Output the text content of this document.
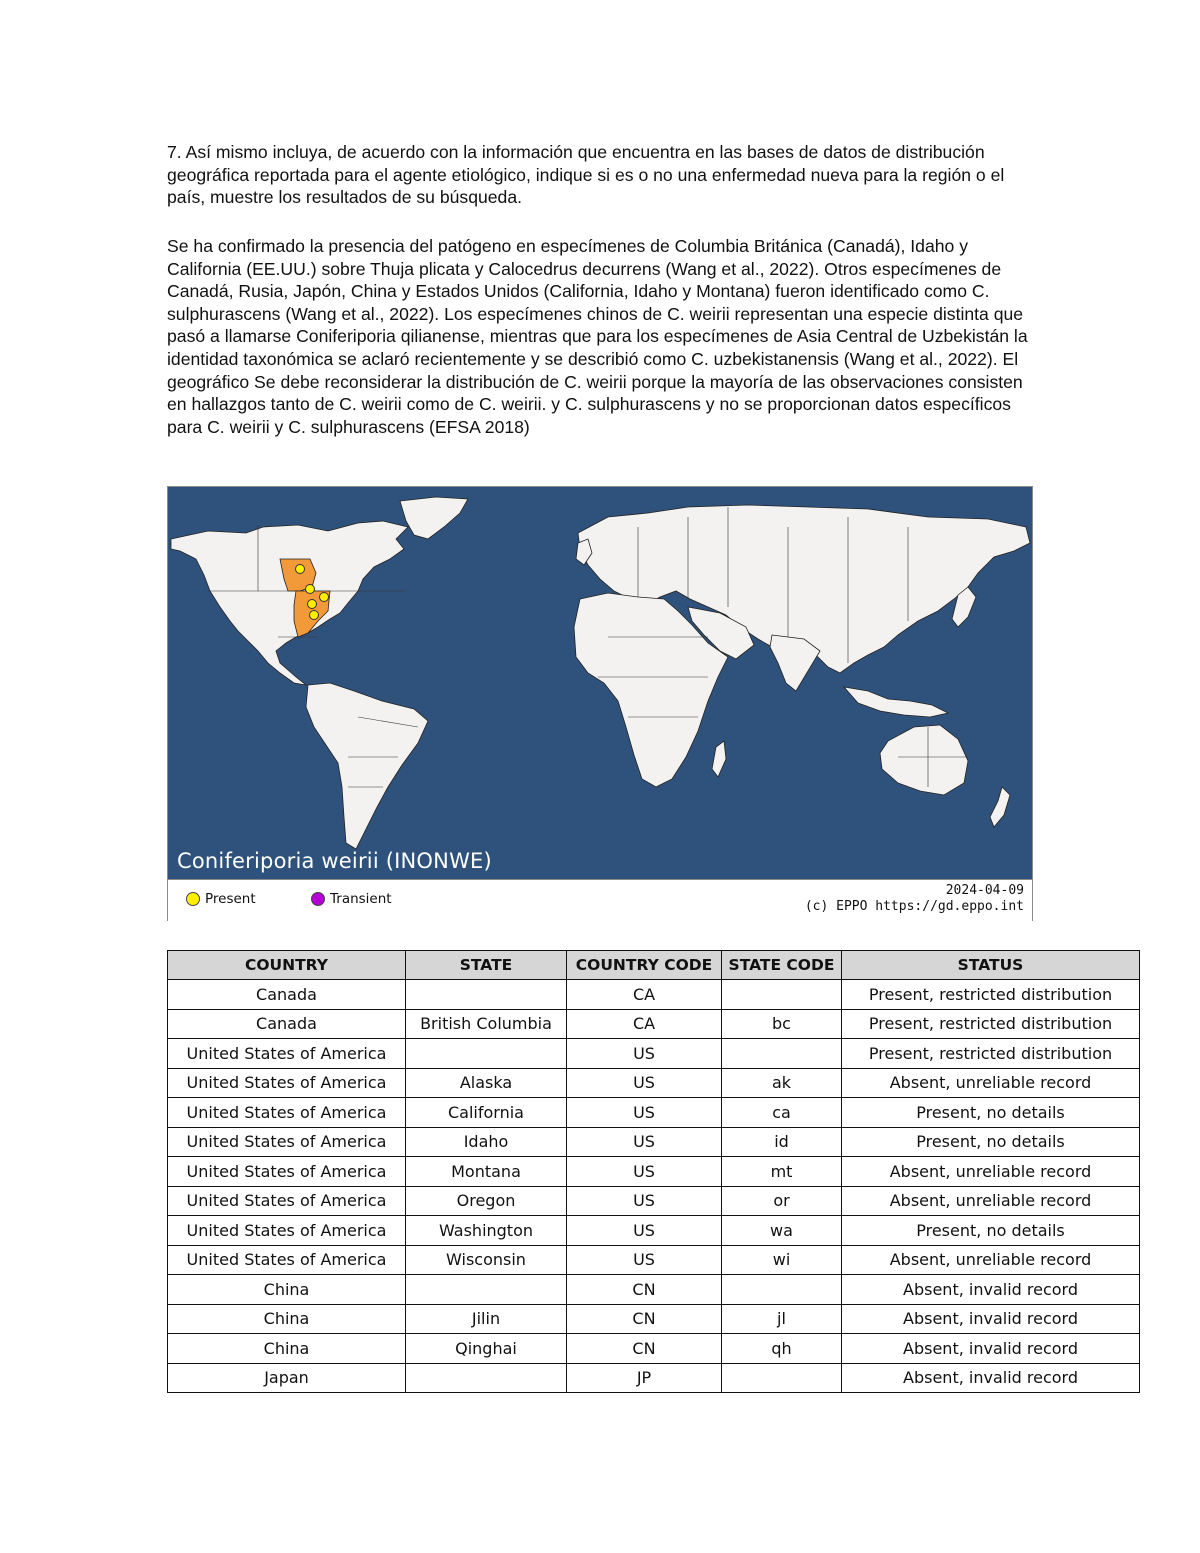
7. Así mismo incluya, de acuerdo con la información que encuentra en las bases de datos de distribución geográfica reportada para el agente etiológico, indique si es o no una enfermedad nueva para la región o el país, muestre los resultados de su búsqueda.

Se ha confirmado la presencia del patógeno en especímenes de Columbia Británica (Canadá), Idaho y California (EE.UU.) sobre Thuja plicata y Calocedrus decurrens (Wang et al., 2022). Otros especímenes de Canadá, Rusia, Japón, China y Estados Unidos (California, Idaho y Montana) fueron identificado como C. sulphurascens (Wang et al., 2022). Los especímenes chinos de C. weirii representan una especie distinta que pasó a llamarse Coniferiporia qilianense, mientras que para los especímenes de Asia Central de Uzbekistán la identidad taxonómica se aclaró recientemente y se describió como C. uzbekistanensis (Wang et al., 2022). El geográfico Se debe reconsiderar la distribución de C. weirii porque la mayoría de las observaciones consisten en hallazgos tanto de C. weirii como de C. weirii. y C. sulphurascens y no se proporcionan datos específicos para C. weirii y C. sulphurascens (EFSA 2018)

Coniferiporia weirii (INONWE)
Present	Transient
2024-04-09
(c) EPPO https://gd.eppo.int
COUNTRY	STATE	COUNTRY CODE	STATE CODE	STATUS
Canada		CA		Present, restricted distribution
Canada	British Columbia	CA	bc	Present, restricted distribution
United States of America		US		Present, restricted distribution
United States of America	Alaska	US	ak	Absent, unreliable record
United States of America	California	US	ca	Present, no details
United States of America	Idaho	US	id	Present, no details
United States of America	Montana	US	mt	Absent, unreliable record
United States of America	Oregon	US	or	Absent, unreliable record
United States of America	Washington	US	wa	Present, no details
United States of America	Wisconsin	US	wi	Absent, unreliable record
China		CN		Absent, invalid record
China	Jilin	CN	jl	Absent, invalid record
China	Qinghai	CN	qh	Absent, invalid record
Japan		JP		Absent, invalid record
